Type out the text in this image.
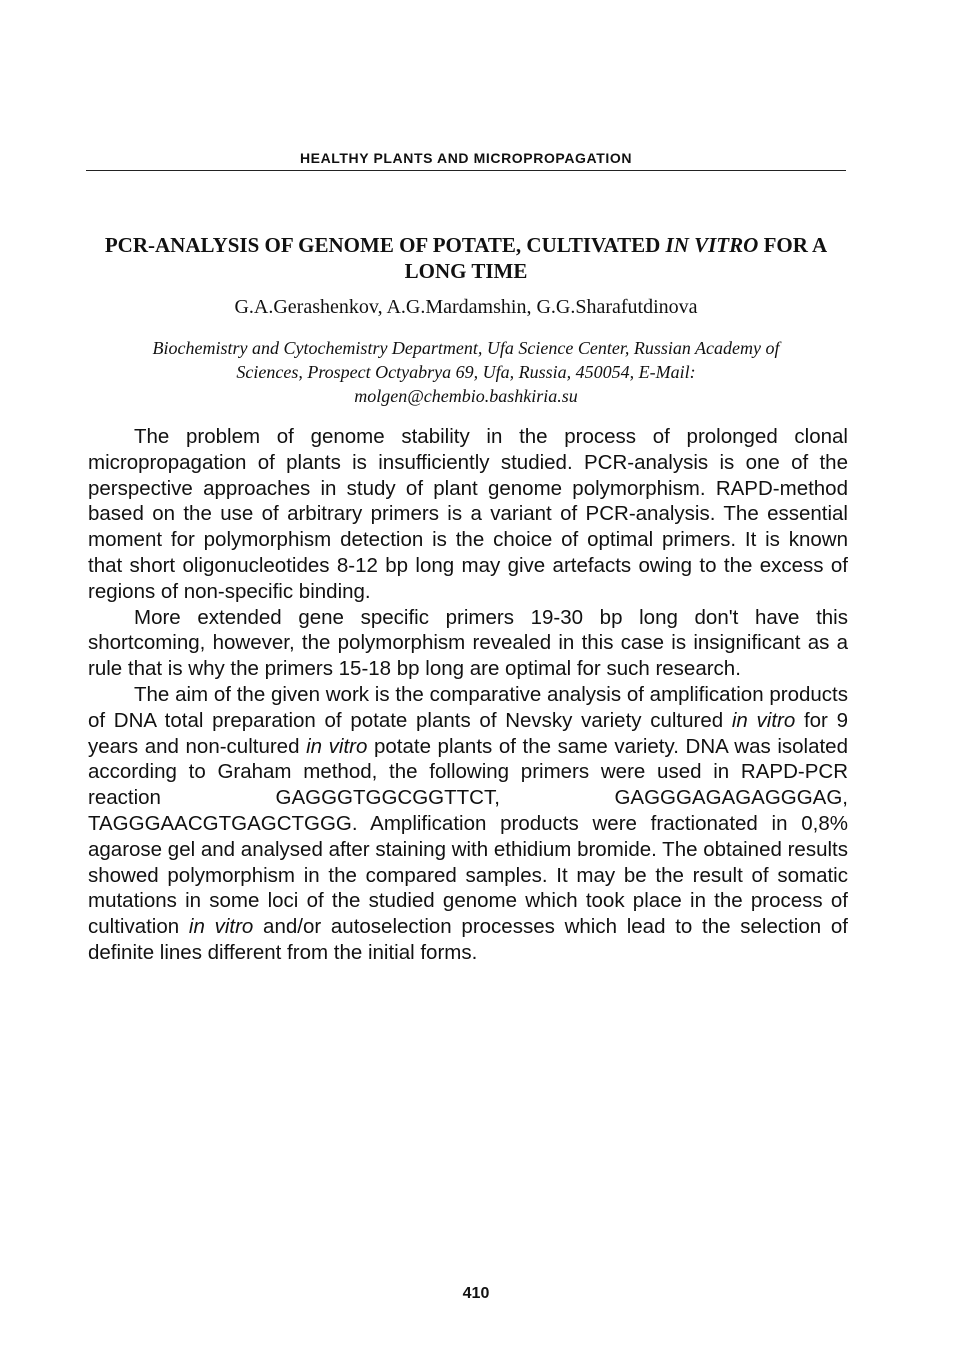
HEALTHY PLANTS AND MICROPROPAGATION
PCR-ANALYSIS OF GENOME OF POTATE, CULTIVATED IN VITRO FOR A LONG TIME
G.A.Gerashenkov, A.G.Mardamshin, G.G.Sharafutdinova
Biochemistry and Cytochemistry Department, Ufa Science Center, Russian Academy of
Sciences, Prospect Octyabrya 69, Ufa, Russia, 450054, E-Mail:
molgen@chembio.bashkiria.su

The problem of genome stability in the process of prolonged clonal micropropagation of plants is insufficiently studied. PCR-analysis is one of the perspective approaches in study of plant genome polymorphism. RAPD-method based on the use of arbitrary primers is a variant of PCR-analysis. The essential moment for polymorphism detection is the choice of optimal primers. It is known that short oligonucleotides 8-12 bp long may give artefacts owing to the excess of regions of non-specific binding.

More extended gene specific primers 19-30 bp long don't have this shortcoming, however, the polymorphism revealed in this case is insignificant as a rule that is why the primers 15-18 bp long are optimal for such research.

The aim of the given work is the comparative analysis of amplification products of DNA total preparation of potate plants of Nevsky variety cultured in vitro for 9 years and non-cultured in vitro potate plants of the same variety. DNA was isolated according to Graham method, the following primers were used in RAPD-PCR reaction GAGGGTGGCGGTTCT, GAGGGAGAGAGGGAG, TAGGGAACGTGAGCTGGG. Amplification products were fractionated in 0,8% agarose gel and analysed after staining with ethidium bromide. The obtained results showed polymorphism in the compared samples. It may be the result of somatic mutations in some loci of the studied genome which took place in the process of cultivation in vitro and/or autoselection processes which lead to the selection of definite lines different from the initial forms.

410
